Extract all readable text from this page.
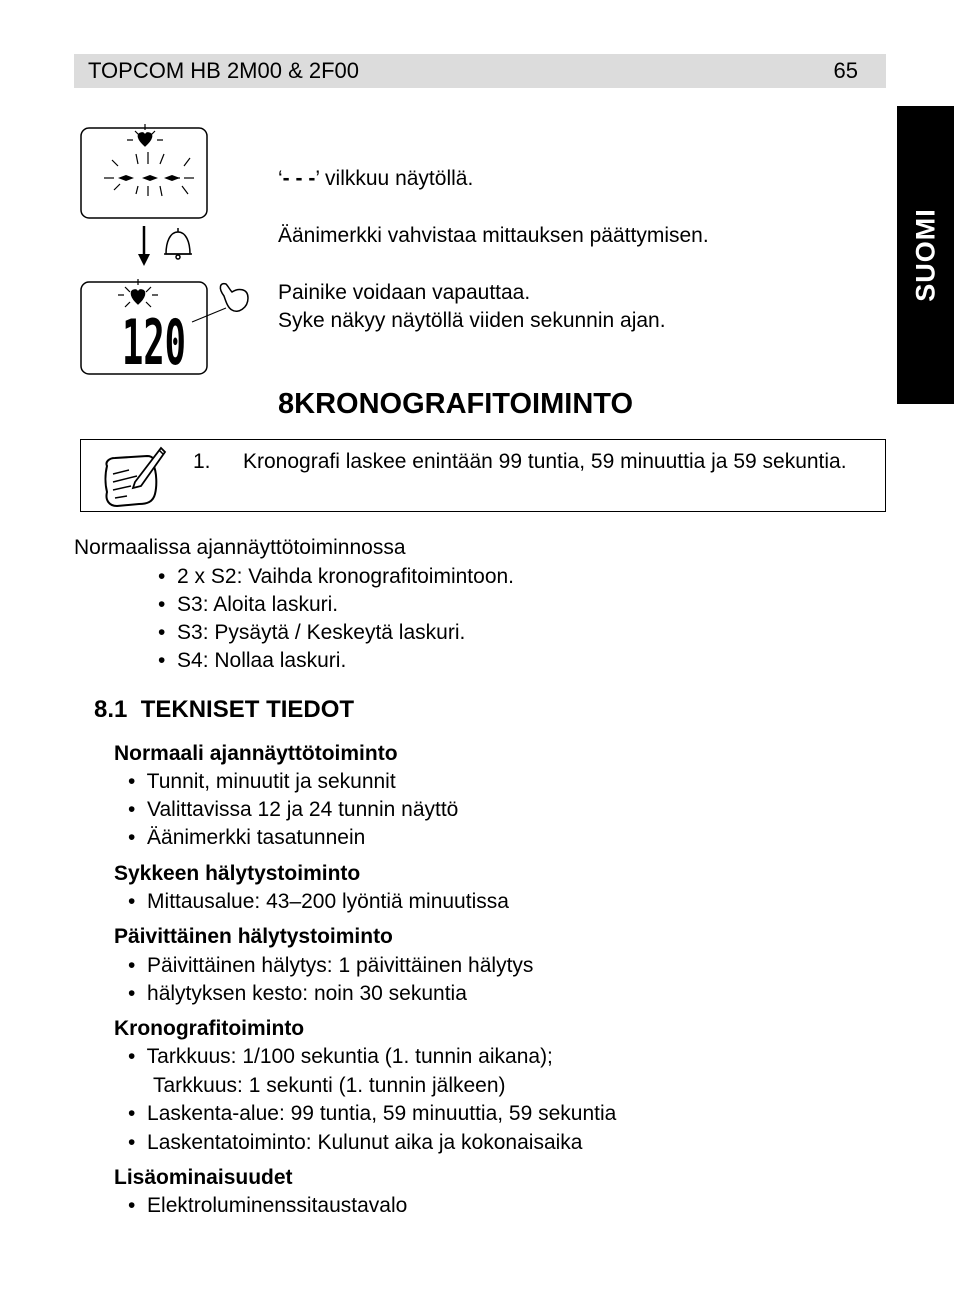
TOPCOM HB 2M00 & 2F00	65
SUOMI
120
‘- - -’ vilkkuu näytöllä.
Äänimerkki vahvistaa mittauksen päättymisen.
Painike voidaan vapauttaa.
Syke näkyy näytöllä viiden sekunnin ajan.
8KRONOGRAFITOIMINTO
1. Kronografi laskee enintään 99 tuntia, 59 minuuttia ja 59 sekuntia.
Normaalissa ajannäyttötoiminnossa
•  2 x S2: Vaihda kronografitoimintoon.
•  S3: Aloita laskuri.
•  S3: Pysäytä / Keskeytä laskuri.
•  S4: Nollaa laskuri.
8.1 TEKNISET TIEDOT
Normaali ajannäyttötoiminto
•  Tunnit, minuutit ja sekunnit
•  Valittavissa 12 ja 24 tunnin näyttö
•  Äänimerkki tasatunnein
Sykkeen hälytystoiminto
•  Mittausalue: 43–200 lyöntiä minuutissa
Päivittäinen hälytystoiminto
•  Päivittäinen hälytys: 1 päivittäinen hälytys
•  hälytyksen kesto: noin 30 sekuntia
Kronografitoiminto
•  Tarkkuus: 1/100 sekuntia (1. tunnin aikana);
Tarkkuus: 1 sekunti (1. tunnin jälkeen)
•  Laskenta-alue: 99 tuntia, 59 minuuttia, 59 sekuntia
•  Laskentatoiminto: Kulunut aika ja kokonaisaika
Lisäominaisuudet
•  Elektroluminenssitaustavalo
